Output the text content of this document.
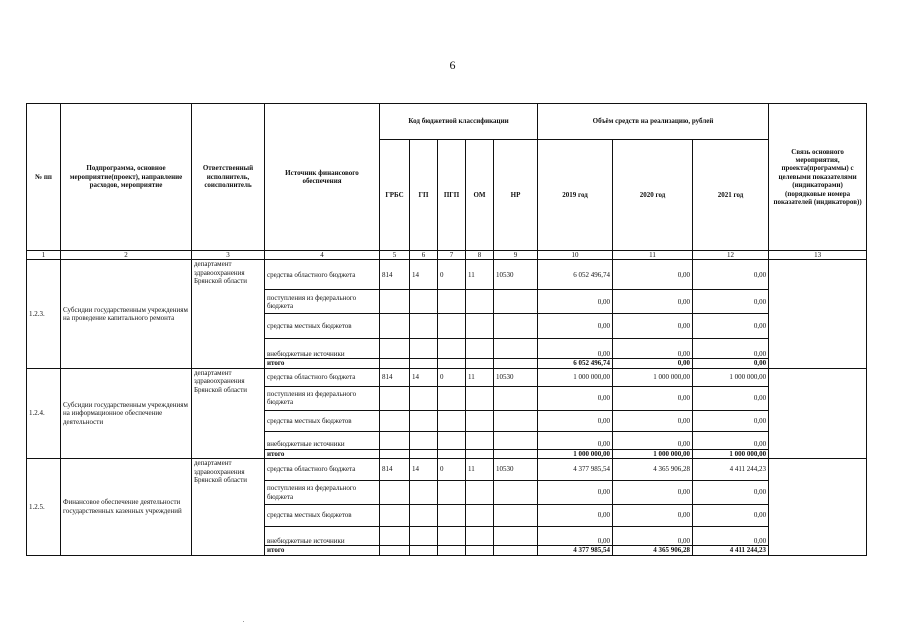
6
№ пп	Подпрограмма, основное мероприятие(проект), направление расходов, мероприятие	Ответственный исполнитель, соисполнитель	Источник финансового обеспечения	Код бюджетной классификации					Объём средств на реализацию, рублей			Связь основного мероприятия, проекта(программы) с целевыми показателями (индикаторами) (порядковые номера показателей (индикаторов))
				ГРБС	ГП	ПГП	ОМ	НР	2019 год	2020 год	2021 год	
1	2	3	4	5	6	7	8	9	10	11	12	13
1.2.3.	Субсидии государственным учреждениям на проведение капитального ремонта	департамент здравоохранения Брянской области	средства областного бюджета	814	14	0	11	10530	6 052 496,74	0,00	0,00	
			поступления из федерального бюджета						0,00	0,00	0,00	
			средства местных бюджетов						0,00	0,00	0,00	
			внебюджетные источники						0,00	0,00	0,00	
			итого						6 052 496,74	0,00	0,00	
1.2.4.	Субсидии государственным учреждениям на информационное обеспечение деятельности	департамент здравоохранения Брянской области	средства областного бюджета	814	14	0	11	10530	1 000 000,00	1 000 000,00	1 000 000,00	
			поступления из федерального бюджета						0,00	0,00	0,00	
			средства местных бюджетов						0,00	0,00	0,00	
			внебюджетные источники						0,00	0,00	0,00	
			итого						1 000 000,00	1 000 000,00	1 000 000,00	
1.2.5.	Финансовое обеспечение деятельности государственных казенных учреждений	департамент здравоохранения Брянской области	средства областного бюджета	814	14	0	11	10530	4 377 985,54	4 365 906,28	4 411 244,23	
			поступления из федерального бюджета						0,00	0,00	0,00	
			средства местных бюджетов						0,00	0,00	0,00	
			внебюджетные источники						0,00	0,00	0,00	
			итого						4 377 985,54	4 365 906,28	4 411 244,23	
